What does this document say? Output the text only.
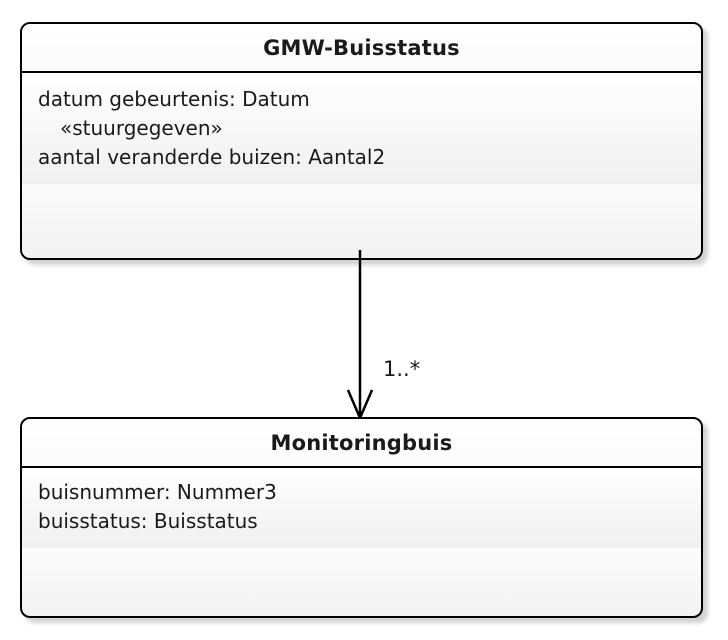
GMW-Buisstatus
datum gebeurtenis: Datum
«stuurgegeven»
aantal veranderde buizen: Aantal2
1..*
Monitoringbuis
buisnummer: Nummer3
buisstatus: Buisstatus
